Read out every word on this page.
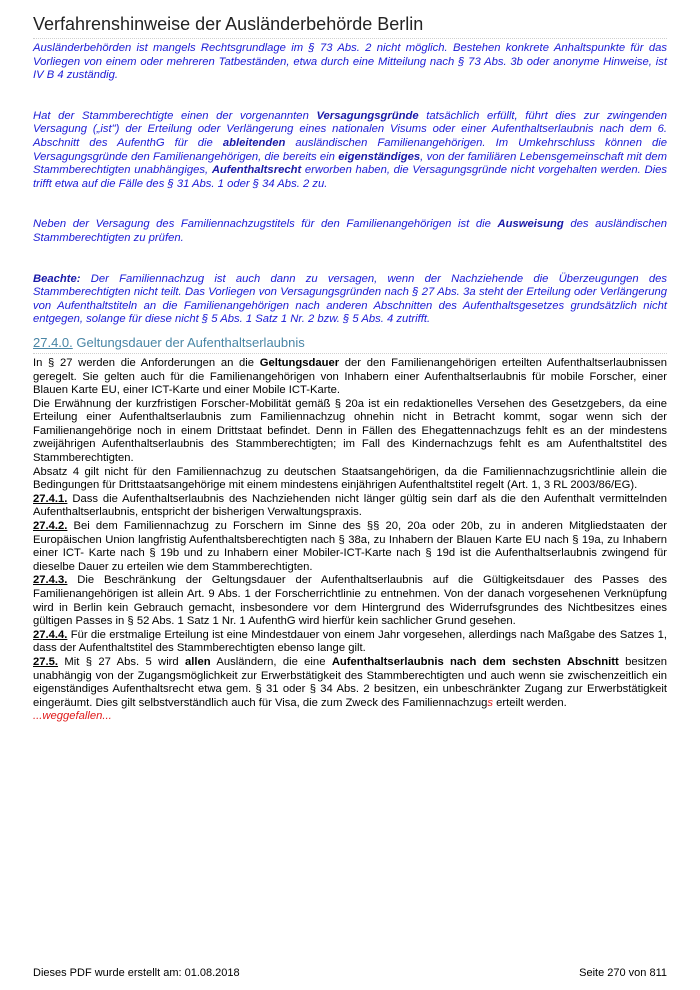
Verfahrenshinweise der Ausländerbehörde Berlin

Ausländerbehörden ist mangels Rechtsgrundlage im § 73 Abs. 2 nicht möglich. Bestehen konkrete Anhaltspunkte für das Vorliegen von einem oder mehreren Tatbeständen, etwa durch eine Mitteilung nach § 73 Abs. 3b oder anonyme Hinweise, ist IV B 4 zuständig.

Hat der Stammberechtigte einen der vorgenannten Versagungsgründe tatsächlich erfüllt, führt dies zur zwingenden Versagung („ist") der Erteilung oder Verlängerung eines nationalen Visums oder einer Aufenthaltserlaubnis nach dem 6. Abschnitt des AufenthG für die ableitenden ausländischen Familienangehörigen. Im Umkehrschluss können die Versagungsgründe den Familienangehörigen, die bereits ein eigenständiges, von der familiären Lebensgemeinschaft mit dem Stammberechtigten unabhängiges, Aufenthaltsrecht erworben haben, die Versagungsgründe nicht vorgehalten werden. Dies trifft etwa auf die Fälle des § 31 Abs. 1 oder § 34 Abs. 2 zu.

Neben der Versagung des Familiennachzugstitels für den Familienangehörigen ist die Ausweisung des ausländischen Stammberechtigten zu prüfen.

Beachte: Der Familiennachzug ist auch dann zu versagen, wenn der Nachziehende die Überzeugungen des Stammberechtigten nicht teilt. Das Vorliegen von Versagungsgründen nach § 27 Abs. 3a steht der Erteilung oder Verlängerung von Aufenthaltstiteln an die Familienangehörigen nach anderen Abschnitten des Aufenthaltsgesetzes grundsätzlich nicht entgegen, solange für diese nicht § 5 Abs. 1 Satz 1 Nr. 2 bzw. § 5 Abs. 4 zutrifft.

27.4.0. Geltungsdauer der Aufenthaltserlaubnis

In § 27 werden die Anforderungen an die Geltungsdauer der den Familienangehörigen erteilten Aufenthaltserlaubnissen geregelt. Sie gelten auch für die Familienangehörigen von Inhabern einer Aufenthaltserlaubnis für mobile Forscher, einer Blauen Karte EU, einer ICT-Karte und einer Mobile ICT-Karte.

Die Erwähnung der kurzfristigen Forscher-Mobilität gemäß § 20a ist ein redaktionelles Versehen des Gesetzgebers, da eine Erteilung einer Aufenthaltserlaubnis zum Familiennachzug ohnehin nicht in Betracht kommt, sogar wenn sich der Familienangehörige noch in einem Drittstaat befindet. Denn in Fällen des Ehegattennachzugs fehlt es an der mindestens zweijährigen Aufenthaltserlaubnis des Stammberechtigten; im Fall des Kindernachzugs fehlt es am Aufenthaltstitel des Stammberechtigten.

Absatz 4 gilt nicht für den Familiennachzug zu deutschen Staatsangehörigen, da die Familiennachzugsrichtlinie allein die Bedingungen für Drittstaatsangehörige mit einem mindestens einjährigen Aufenthaltstitel regelt (Art. 1, 3 RL 2003/86/EG).

27.4.1. Dass die Aufenthaltserlaubnis des Nachziehenden nicht länger gültig sein darf als die den Aufenthalt vermittelnden Aufenthaltserlaubnis, entspricht der bisherigen Verwaltungspraxis.

27.4.2. Bei dem Familiennachzug zu Forschern im Sinne des §§ 20, 20a oder 20b, zu in anderen Mitgliedstaaten der Europäischen Union langfristig Aufenthaltsberechtigten nach § 38a, zu Inhabern der Blauen Karte EU nach § 19a, zu Inhabern einer ICT- Karte nach § 19b und zu Inhabern einer Mobiler-ICT-Karte nach § 19d ist die Aufenthaltserlaubnis zwingend für dieselbe Dauer zu erteilen wie dem Stammberechtigten.

27.4.3. Die Beschränkung der Geltungsdauer der Aufenthaltserlaubnis auf die Gültigkeitsdauer des Passes des Familienangehörigen ist allein Art. 9 Abs. 1 der Forscherrichtlinie zu entnehmen. Von der danach vorgesehenen Verknüpfung wird in Berlin kein Gebrauch gemacht, insbesondere vor dem Hintergrund des Widerrufsgrundes des Nichtbesitzes eines gültigen Passes in § 52 Abs. 1 Satz 1 Nr. 1 AufenthG wird hierfür kein sachlicher Grund gesehen.

27.4.4. Für die erstmalige Erteilung ist eine Mindestdauer von einem Jahr vorgesehen, allerdings nach Maßgabe des Satzes 1, dass der Aufenthaltstitel des Stammberechtigten ebenso lange gilt.

27.5. Mit § 27 Abs. 5 wird allen Ausländern, die eine Aufenthaltserlaubnis nach dem sechsten Abschnitt besitzen unabhängig von der Zugangsmöglichkeit zur Erwerbstätigkeit des Stammberechtigten und auch wenn sie zwischenzeitlich ein eigenständiges Aufenthaltsrecht etwa gem. § 31 oder § 34 Abs. 2 besitzen, ein unbeschränkter Zugang zur Erwerbstätigkeit eingeräumt. Dies gilt selbstverständlich auch für Visa, die zum Zweck des Familiennachzugs erteilt werden.

...weggefallen...

Dieses PDF wurde erstellt am: 01.08.2018	Seite 270 von 811
